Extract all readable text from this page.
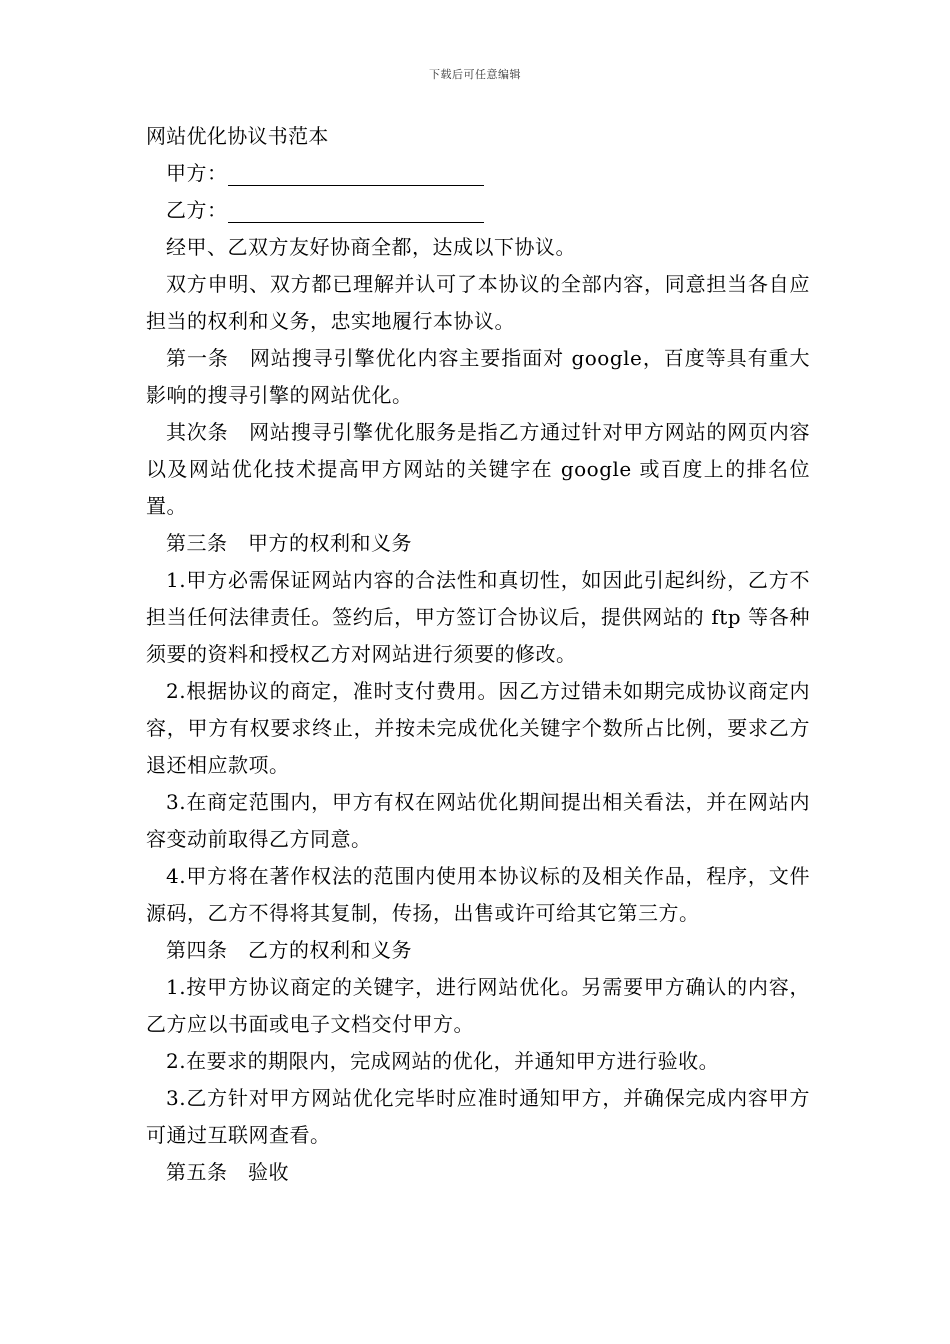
下载后可任意编辑

网站优化协议书范本

甲方：

乙方：

经甲、乙双方友好协商全都，达成以下协议。

双方申明、双方都已理解并认可了本协议的全部内容，同意担当各自应担当的权利和义务，忠实地履行本协议。

第一条　网站搜寻引擎优化内容主要指面对 google，百度等具有重大影响的搜寻引擎的网站优化。

其次条　网站搜寻引擎优化服务是指乙方通过针对甲方网站的网页内容以及网站优化技术提高甲方网站的关键字在 google 或百度上的排名位置。

第三条　甲方的权利和义务

1.甲方必需保证网站内容的合法性和真切性，如因此引起纠纷，乙方不担当任何法律责任。签约后，甲方签订合协议后，提供网站的 ftp 等各种须要的资料和授权乙方对网站进行须要的修改。

2.根据协议的商定，准时支付费用。因乙方过错未如期完成协议商定内容，甲方有权要求终止，并按未完成优化关键字个数所占比例，要求乙方退还相应款项。

3.在商定范围内，甲方有权在网站优化期间提出相关看法，并在网站内容变动前取得乙方同意。

4.甲方将在著作权法的范围内使用本协议标的及相关作品，程序，文件源码，乙方不得将其复制，传扬，出售或许可给其它第三方。

第四条　乙方的权利和义务

1.按甲方协议商定的关键字，进行网站优化。另需要甲方确认的内容，乙方应以书面或电子文档交付甲方。

2.在要求的期限内，完成网站的优化，并通知甲方进行验收。

3.乙方针对甲方网站优化完毕时应准时通知甲方，并确保完成内容甲方可通过互联网查看。

第五条　验收
